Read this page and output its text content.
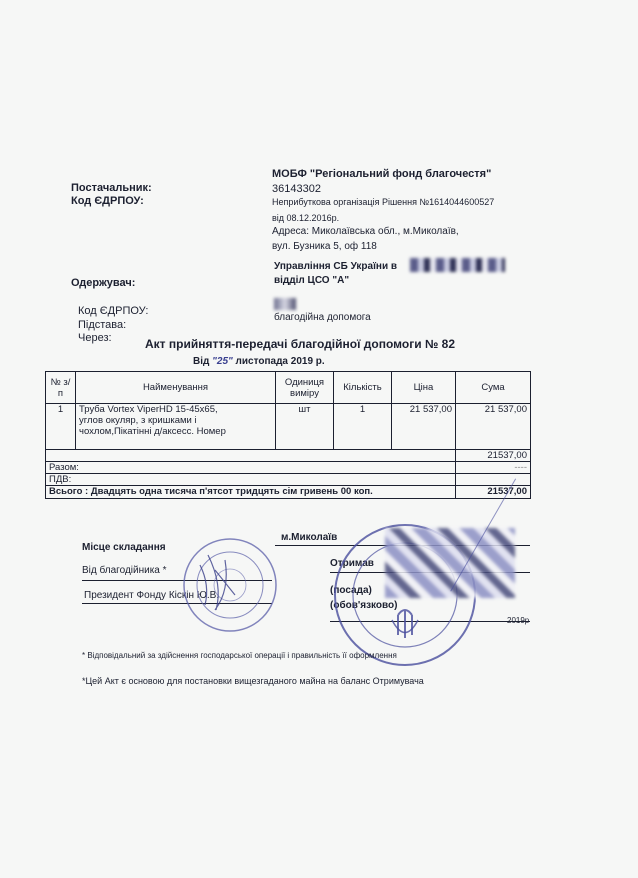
Постачальник:
Код ЄДРПОУ:
МОБФ "Регіональний фонд благочестя"
36143302
Неприбуткова організація Рішення №1614044600527
від 08.12.2016р.
Адреса: Миколаївська обл., м.Миколаїв,
вул. Бузника 5, оф 118
Управління СБ України в
Одержувач:	відділ ЦСО "А"
Код ЄДРПОУ:
Підстава:
благодійна допомога
Через:	Акт прийняття-передачі благодійної допомоги № 82
Від "25" листопада 2019 р.
№ з/п	Найменування	Одиниця виміру	Кількість	Ціна	Сума
1	Труба Vortex ViperHD 15-45х65,
углов окуляр, з кришками і
чохлом,Пікатінні д/аксесс. Номер	шт	1	21 537,00	21 537,00
					21537,00
Разом:					----
ПДВ:					
Всього : Двадцять одна тисяча п'ятсот тридцять сім гривень 00 коп.					21537,00
Місце складання
м.Миколаїв
Від благодійника *
Президент Фонду Кіскін Ю.В.
Отримав
(посада)
(обов'язково)
2019р
* Відповідальний за здійснення господарської операції і правильність її оформлення
*Цей Акт є основою для постановки вищезгаданого майна на баланс Отримувача
